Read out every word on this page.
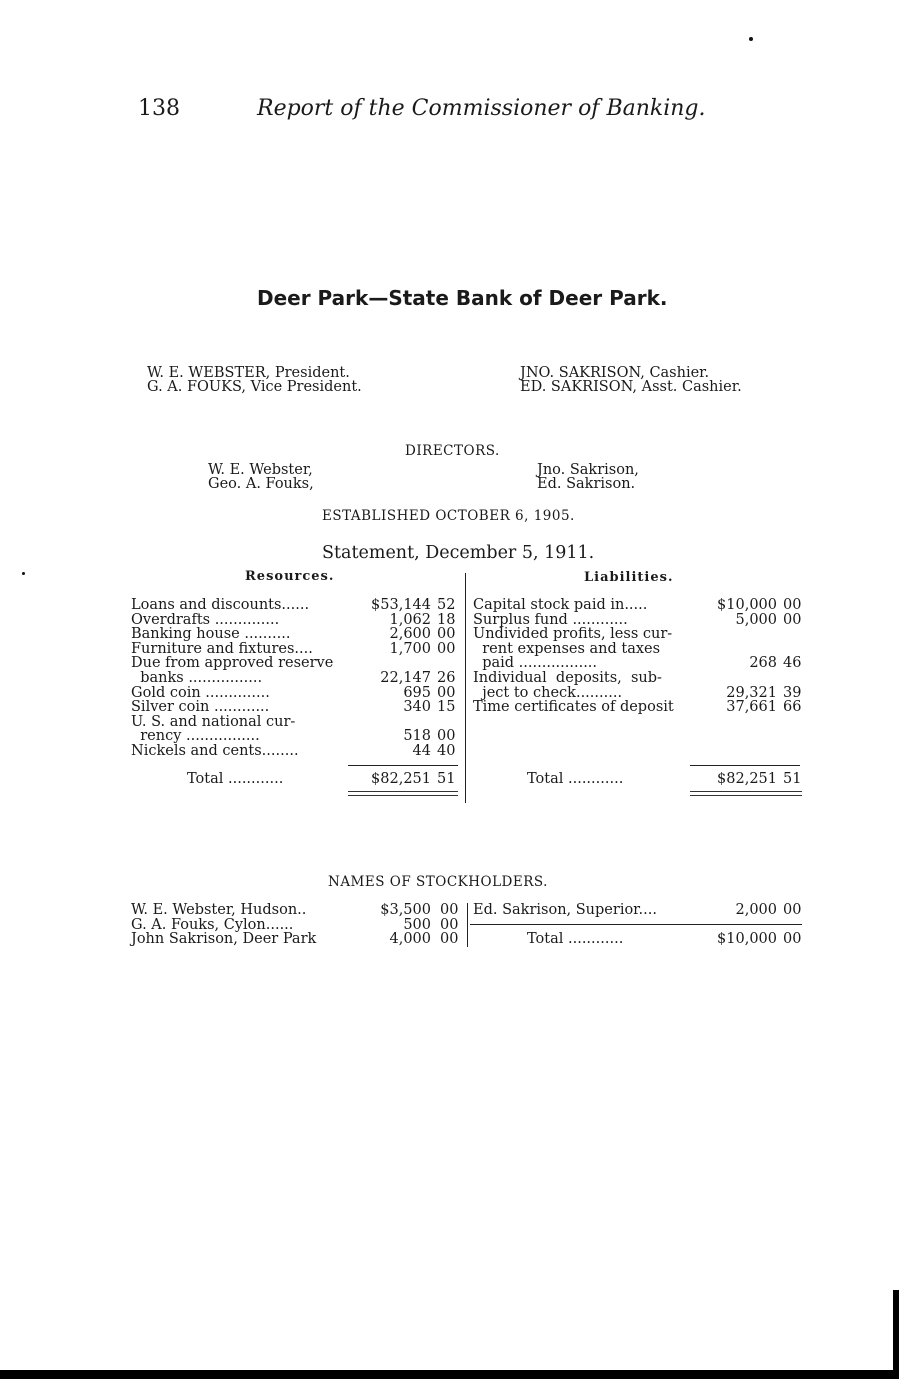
138	Report of the Commissioner of Banking.
Deer Park—State Bank of Deer Park.
W. E. WEBSTER, President.
G. A. FOUKS, Vice President.
JNO. SAKRISON, Cashier.
ED. SAKRISON, Asst. Cashier.
DIRECTORS.
W. E. Webster,
Geo. A. Fouks,
Jno. Sakrison,
Ed. Sakrison.
ESTABLISHED OCTOBER 6, 1905.
Statement, December 5, 1911.
Resources.	Liabilities.
Loans and discounts......	$53,144 52
Overdrafts ..............	1,062 18
Banking house ..........	2,600 00
Furniture and fixtures....	1,700 00
Due from approved reserve
banks ................	22,147 26
Gold coin ..............	695 00
Silver coin ............	340 15
U. S. and national cur-
rency ................	518 00
Nickels and cents........	44 40
Total ............	$82,251 51
Capital stock paid in.....	$10,000 00
Surplus fund ............	5,000 00
Undivided profits, less cur-
rent expenses and taxes
paid .................	268 46
Individual  deposits,  sub-
ject to check..........	29,321 39
Time certificates of deposit	37,661 66
Total ............	$82,251 51
NAMES OF STOCKHOLDERS.
W. E. Webster, Hudson..	$3,500 00
G. A. Fouks, Cylon......	500 00
John Sakrison, Deer Park	4,000 00
Ed. Sakrison, Superior....	2,000 00
Total ............	$10,000 00
